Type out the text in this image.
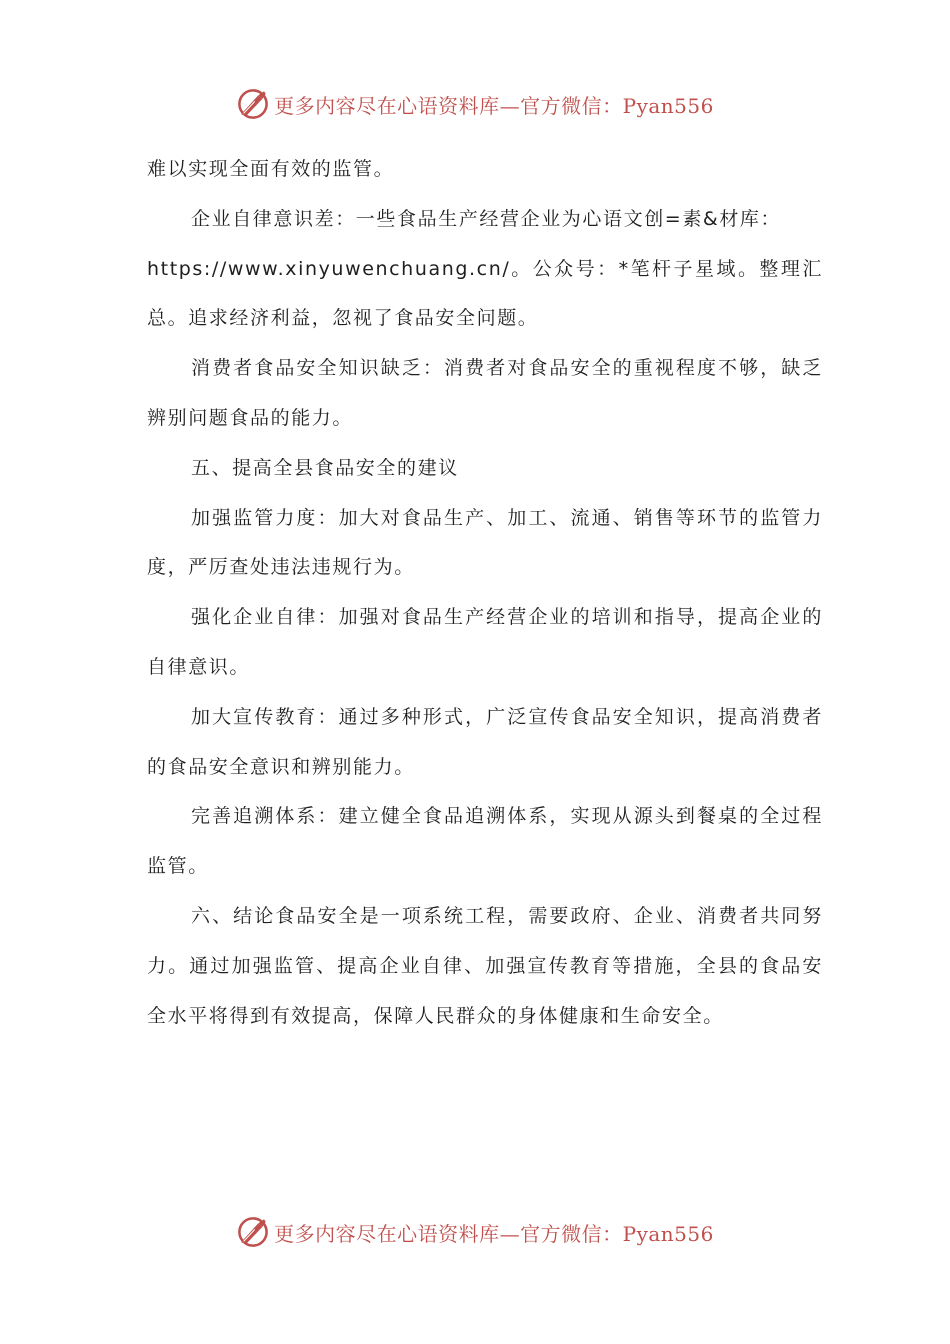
更多内容尽在心语资料库—官方微信：Pyan556

难以实现全面有效的监管。

企业自律意识差：一些食品生产经营企业为心语文创=素&材库：

https://www.xinyuwenchuang.cn/。公众号：*笔杆子星域。整理汇总。追求经济利益，忽视了食品安全问题。

消费者食品安全知识缺乏：消费者对食品安全的重视程度不够，缺乏辨别问题食品的能力。

五、提高全县食品安全的建议

加强监管力度：加大对食品生产、加工、流通、销售等环节的监管力度，严厉查处违法违规行为。

强化企业自律：加强对食品生产经营企业的培训和指导，提高企业的自律意识。

加大宣传教育：通过多种形式，广泛宣传食品安全知识，提高消费者的食品安全意识和辨别能力。

完善追溯体系：建立健全食品追溯体系，实现从源头到餐桌的全过程监管。

六、结论食品安全是一项系统工程，需要政府、企业、消费者共同努力。通过加强监管、提高企业自律、加强宣传教育等措施，全县的食品安全水平将得到有效提高，保障人民群众的身体健康和生命安全。

更多内容尽在心语资料库—官方微信：Pyan556
